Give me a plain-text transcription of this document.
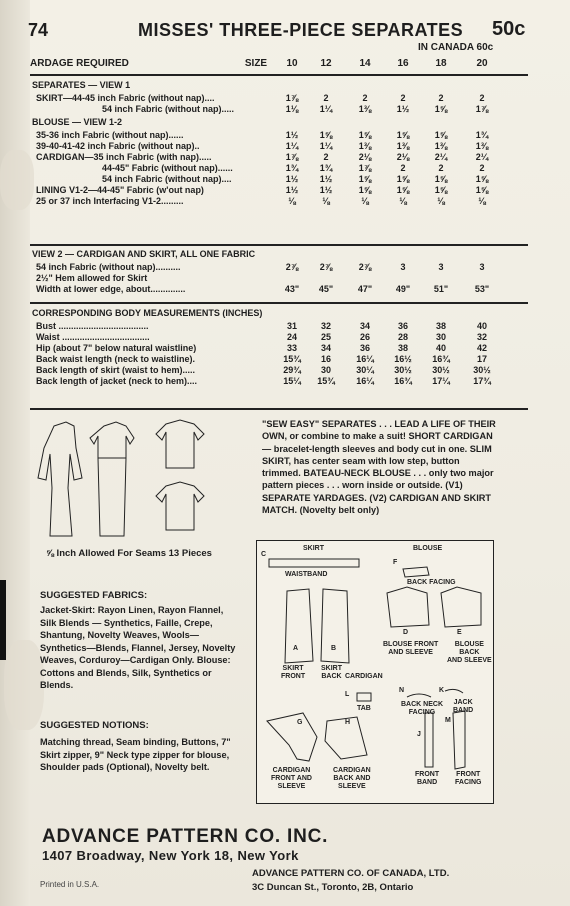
74	MISSES' THREE-PIECE SEPARATES 50c
IN CANADA 60c
ARDAGE REQUIRED	SIZE	10	12	14	16	18	20
SEPARATES — VIEW 1
SKIRT—44-45 inch Fabric (without nap)....	1⅞	2	2	2	2	2
54 inch Fabric (without nap).....	1⅛	1¼	1⅜	1½	1⅝	1⅞
BLOUSE — VIEW 1-2
35-36 inch Fabric (without nap)......	1½	1⅝	1⅝	1⅝	1⅝	1¾
39-40-41-42 inch Fabric (without nap)..	1¼	1¼	1⅜	1⅜	1⅜	1⅜
CARDIGAN—35 inch Fabric (with nap).....	1⅞	2	2⅛	2⅛	2¼	2¼
44-45" Fabric (without nap)......	1¾	1¾	1⅞	2	2	2
54 inch Fabric (without nap)....	1½	1½	1⅝	1⅝	1⅝	1⅝
LINING V1-2—44-45" Fabric (w'out nap)	1½	1½	1⅝	1⅝	1⅝	1⅝
25 or 37 inch Interfacing V1-2.........	⅛	⅛	⅛	⅛	⅛	⅛
VIEW 2 — CARDIGAN AND SKIRT, ALL ONE FABRIC
54 inch Fabric (without nap)..........	2⅞	2⅞	2⅞	3	3	3
2½" Hem allowed for Skirt
Width at lower edge, about..............	43"	45"	47"	49"	51"	53"
CORRESPONDING BODY MEASUREMENTS (INCHES)
Bust ....................................	31	32	34	36	38	40
Waist ...................................	24	25	26	28	30	32
Hip (about 7" below natural waistline)	33	34	36	38	40	42
Back waist length (neck to waistline).	15¾	16	16¼	16½	16¾	17
Back length of skirt (waist to hem).....	29¾	30	30¼	30½	30½	30½
Back length of jacket (neck to hem)....	15¼	15¾	16¼	16¾	17¼	17¾
"SEW EASY" SEPARATES . . . LEAD A LIFE OF THEIR OWN, or combine to make a suit! SHORT CARDIGAN — bracelet-length sleeves and body cut in one. SLIM SKIRT, has center seam with low step, button trimmed. BATEAU-NECK BLOUSE . . . only two major pattern pieces . . . worn inside or outside. (V1) SEPARATE YARDAGES. (V2) CARDIGAN AND SKIRT MATCH. (Novelty belt only)
⅝ Inch Allowed For Seams 13 Pieces
SUGGESTED FABRICS:
Jacket-Skirt: Rayon Linen, Rayon Flannel, Silk Blends — Synthetics, Faille, Crepe, Shantung, Novelty Weaves, Wools—Synthetics—Blends, Flannel, Jersey, Novelty Weaves, Corduroy—Cardigan Only. Blouse: Cottons and Blends, Silk, Synthetics or Blends.
SUGGESTED NOTIONS:
Matching thread, Seam binding, Buttons, 7" Skirt zipper, 9" Neck type zipper for blouse, Shoulder pads (Optional), Novelty belt.
SKIRT	BLOUSE
C
WAISTBAND
F
BACK FACING
A
SKIRT
FRONT
B
SKIRT
BACK
D
BLOUSE FRONT
AND SLEEVE
E
BLOUSE
BACK
AND SLEEVE
CARDIGAN
L
TAB
N
BACK NECK
FACING
K
JACK
BAND
G
CARDIGAN
FRONT AND
SLEEVE
H
CARDIGAN
BACK AND
SLEEVE
J
FRONT
BAND
M
FRONT
FACING
ADVANCE PATTERN CO. INC.
1407 Broadway, New York 18, New York
Printed in U.S.A.
ADVANCE PATTERN CO. OF CANADA, LTD.
3C Duncan St., Toronto, 2B, Ontario
